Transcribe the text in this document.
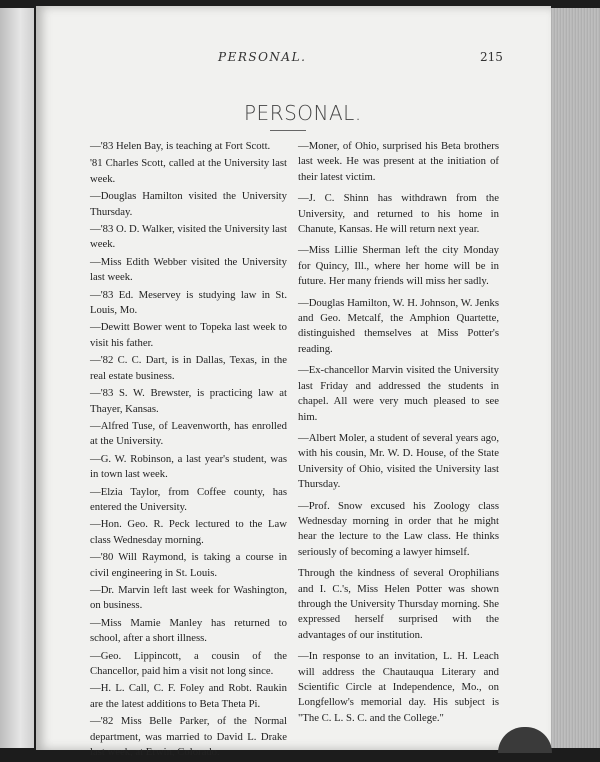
PERSONAL.	215
PERSONAL.

—'83 Helen Bay, is teaching at Fort Scott.

'81 Charles Scott, called at the University last week.

—Douglas Hamilton visited the University Thursday.

—'83 O. D. Walker, visited the University last week.

—Miss Edith Webber visited the University last week.

—'83 Ed. Meservey is studying law in St. Louis, Mo.

—Dewitt Bower went to Topeka last week to visit his father.

—'82 C. C. Dart, is in Dallas, Texas, in the real estate business.

—'83 S. W. Brewster, is practicing law at Thayer, Kansas.

—Alfred Tuse, of Leavenworth, has enrolled at the University.

—G. W. Robinson, a last year's student, was in town last week.

—Elzia Taylor, from Coffee county, has entered the University.

—Hon. Geo. R. Peck lectured to the Law class Wednesday morning.

—'80 Will Raymond, is taking a course in civil engineering in St. Louis.

—Dr. Marvin left last week for Washington, on business.

—Miss Mamie Manley has returned to school, after a short illness.

—Geo. Lippincott, a cousin of the Chancellor, paid him a visit not long since.

—H. L. Call, C. F. Foley and Robt. Raukin are the latest additions to Beta Theta Pi.

—'82 Miss Belle Parker, of the Normal department, was married to David L. Drake last week, at Erwin, Colorado.

—Moner, of Ohio, surprised his Beta brothers last week. He was present at the initiation of their latest victim.

—J. C. Shinn has withdrawn from the University, and returned to his home in Chanute, Kansas. He will return next year.

—Miss Lillie Sherman left the city Monday for Quincy, Ill., where her home will be in future. Her many friends will miss her sadly.

—Douglas Hamilton, W. H. Johnson, W. Jenks and Geo. Metcalf, the Amphion Quartette, distinguished themselves at Miss Potter's reading.

—Ex-chancellor Marvin visited the University last Friday and addressed the students in chapel. All were very much pleased to see him.

—Albert Moler, a student of several years ago, with his cousin, Mr. W. D. House, of the State University of Ohio, visited the University last Thursday.

—Prof. Snow excused his Zoology class Wednesday morning in order that he might hear the lecture to the Law class. He thinks seriously of becoming a lawyer himself.

Through the kindness of several Orophilians and I. C.'s, Miss Helen Potter was shown through the University Thursday morning. She expressed herself surprised with the advantages of our institution.

—In response to an invitation, L. H. Leach will address the Chautauqua Literary and Scientific Circle at Independence, Mo., on Longfellow's memorial day. His subject is "The C. L. S. C. and the College."
